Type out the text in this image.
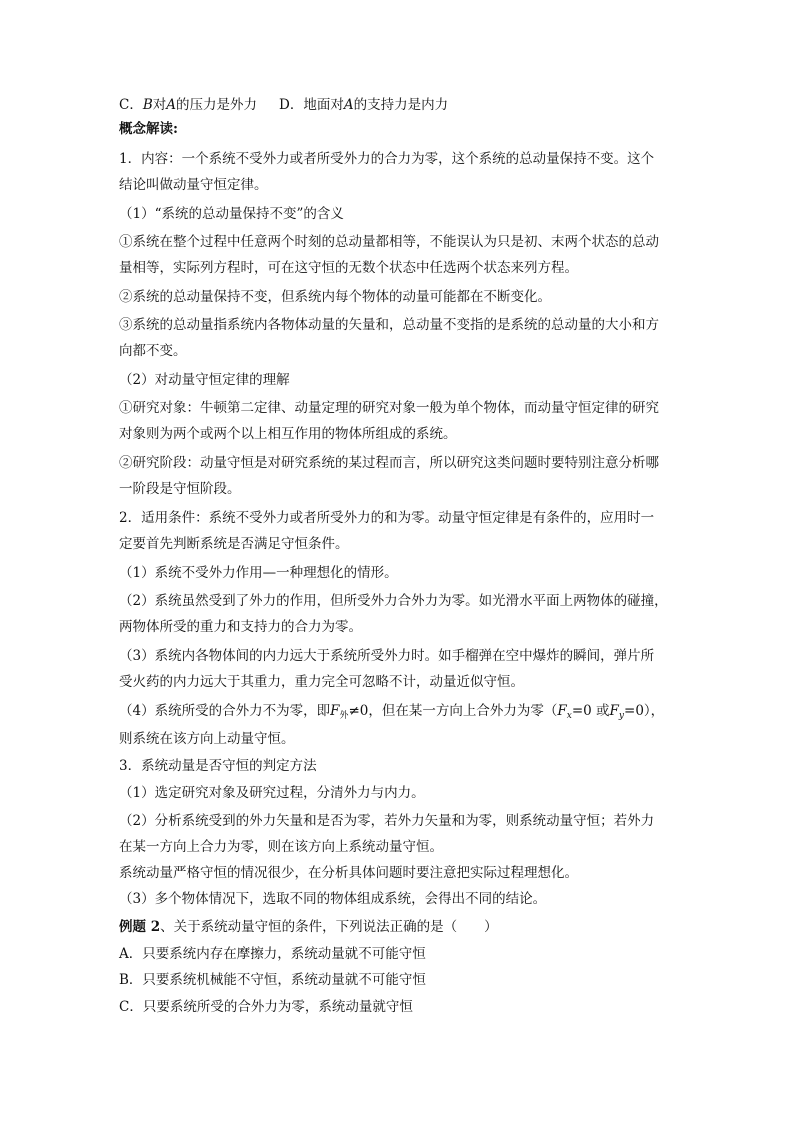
C．B对A的压力是外力 D．地面对A的支持力是内力
概念解读:
1．内容：一个系统不受外力或者所受外力的合力为零，这个系统的总动量保持不变。这个
结论叫做动量守恒定律。
（1）“系统的总动量保持不变”的含义
①系统在整个过程中任意两个时刻的总动量都相等，不能误认为只是初、末两个状态的总动
量相等，实际列方程时，可在这守恒的无数个状态中任选两个状态来列方程。
②系统的总动量保持不变，但系统内每个物体的动量可能都在不断变化。
③系统的总动量指系统内各物体动量的矢量和，总动量不变指的是系统的总动量的大小和方
向都不变。
（2）对动量守恒定律的理解
①研究对象：牛顿第二定律、动量定理的研究对象一般为单个物体，而动量守恒定律的研究
对象则为两个或两个以上相互作用的物体所组成的系统。
②研究阶段：动量守恒是对研究系统的某过程而言，所以研究这类问题时要特别注意分析哪
一阶段是守恒阶段。
2．适用条件：系统不受外力或者所受外力的和为零。动量守恒定律是有条件的，应用时一
定要首先判断系统是否满足守恒条件。
（1）系统不受外力作用—一种理想化的情形。
（2）系统虽然受到了外力的作用，但所受外力合外力为零。如光滑水平面上两物体的碰撞，
两物体所受的重力和支持力的合力为零。
（3）系统内各物体间的内力远大于系统所受外力时。如手榴弹在空中爆炸的瞬间，弹片所
受火药的内力远大于其重力，重力完全可忽略不计，动量近似守恒。
（4）系统所受的合外力不为零，即$F_外\ne 0$，但在某一方向上合外力为零（$F_x=0$ 或$F_y=0$），
则系统在该方向上动量守恒。
3．系统动量是否守恒的判定方法
（1）选定研究对象及研究过程，分清外力与内力。
（2）分析系统受到的外力矢量和是否为零，若外力矢量和为零，则系统动量守恒；若外力
在某一方向上合力为零，则在该方向上系统动量守恒。
系统动量严格守恒的情况很少，在分析具体问题时要注意把实际过程理想化。
（3）多个物体情况下，选取不同的物体组成系统，会得出不同的结论。
例题 2、关于系统动量守恒的条件，下列说法正确的是（　　）
A．只要系统内存在摩擦力，系统动量就不可能守恒
B．只要系统机械能不守恒，系统动量就不可能守恒
C．只要系统所受的合外力为零，系统动量就守恒
